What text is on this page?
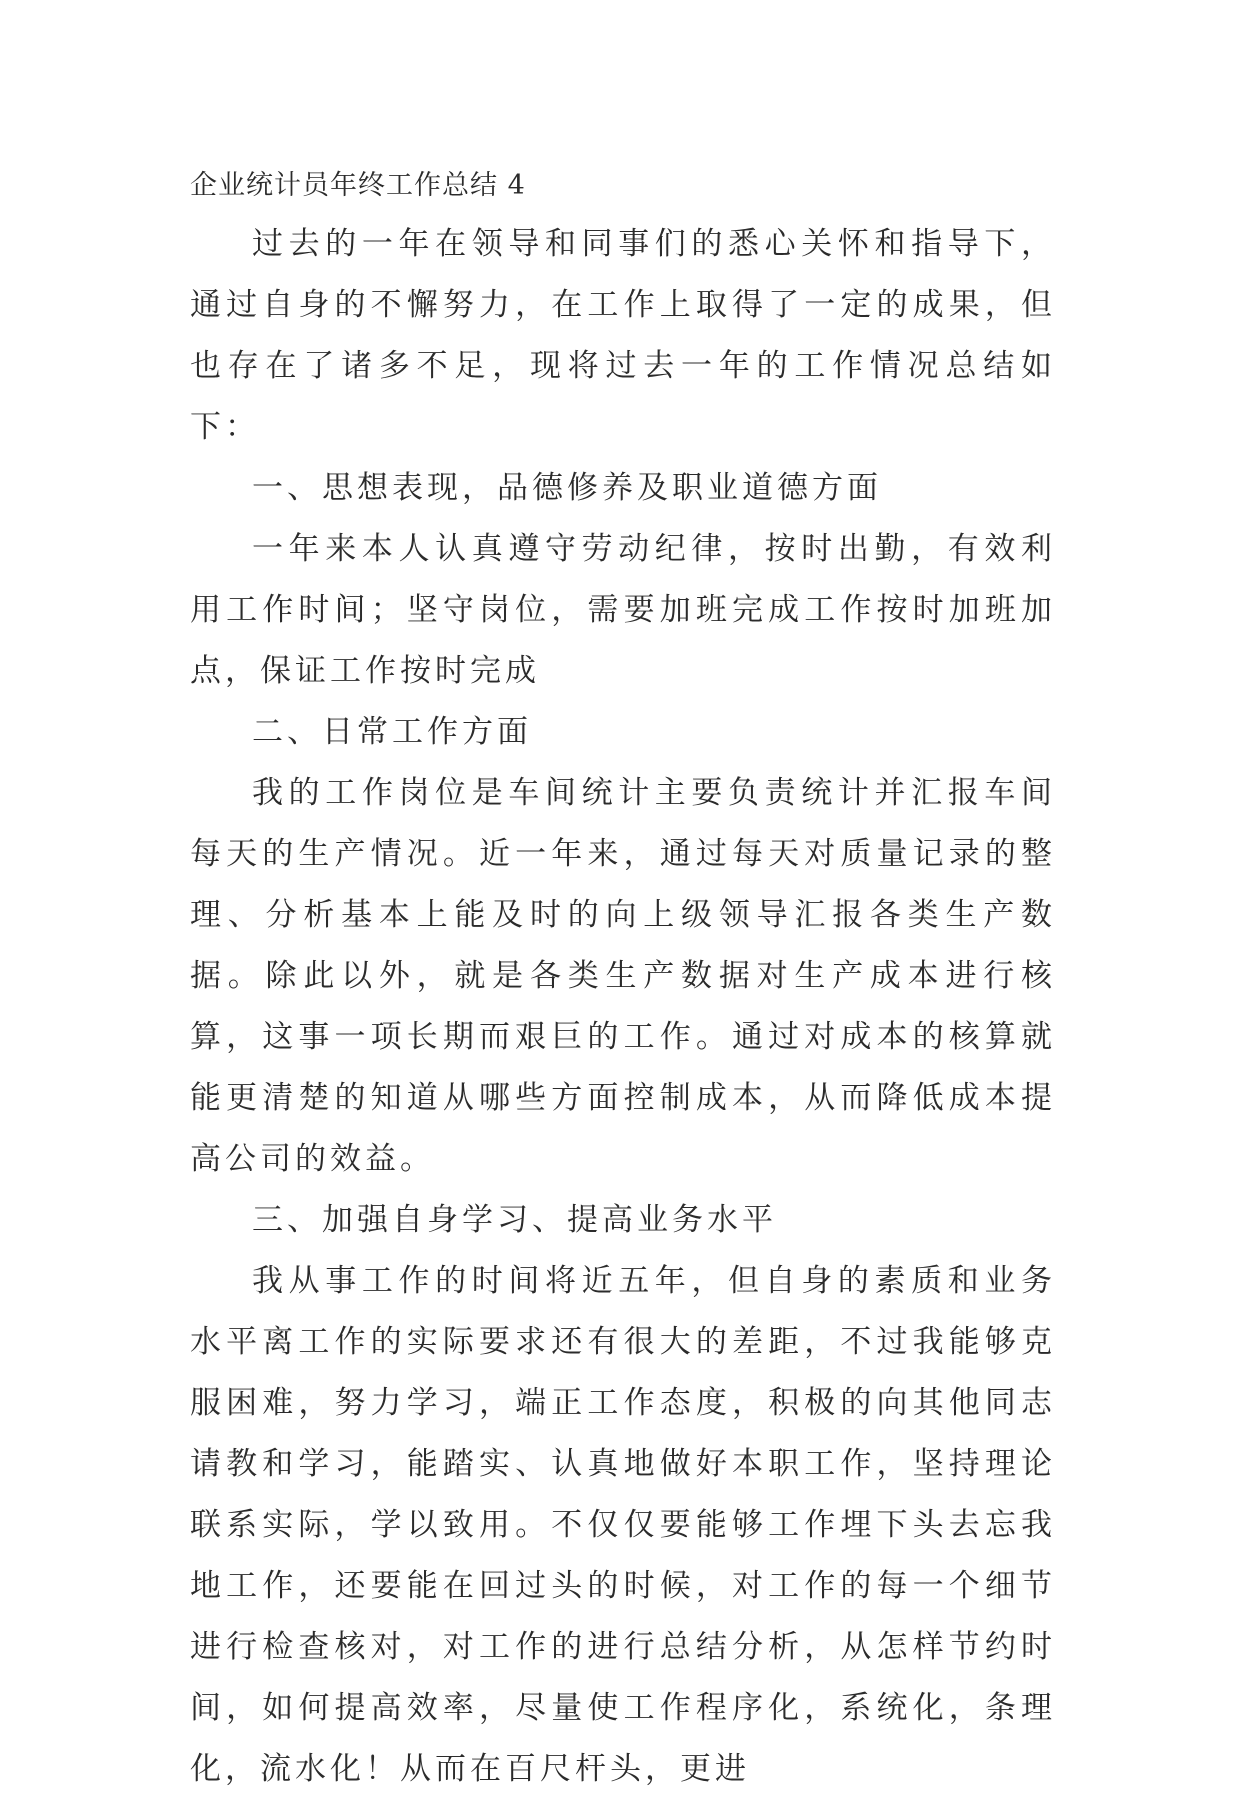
企业统计员年终工作总结 4

过去的一年在领导和同事们的悉心关怀和指导下，通过自身的不懈努力，在工作上取得了一定的成果，但也存在了诸多不足，现将过去一年的工作情况总结如下：

一、思想表现，品德修养及职业道德方面

一年来本人认真遵守劳动纪律，按时出勤，有效利用工作时间；坚守岗位，需要加班完成工作按时加班加点，保证工作按时完成

二、日常工作方面

我的工作岗位是车间统计主要负责统计并汇报车间每天的生产情况。近一年来，通过每天对质量记录的整理、分析基本上能及时的向上级领导汇报各类生产数据。除此以外，就是各类生产数据对生产成本进行核算，这事一项长期而艰巨的工作。通过对成本的核算就能更清楚的知道从哪些方面控制成本，从而降低成本提高公司的效益。

三、加强自身学习、提高业务水平

我从事工作的时间将近五年，但自身的素质和业务水平离工作的实际要求还有很大的差距，不过我能够克服困难，努力学习，端正工作态度，积极的向其他同志请教和学习，能踏实、认真地做好本职工作，坚持理论联系实际，学以致用。不仅仅要能够工作埋下头去忘我地工作，还要能在回过头的时候，对工作的每一个细节进行检查核对，对工作的进行总结分析，从怎样节约时间，如何提高效率，尽量使工作程序化，系统化，条理化，流水化！从而在百尺杆头，更进
